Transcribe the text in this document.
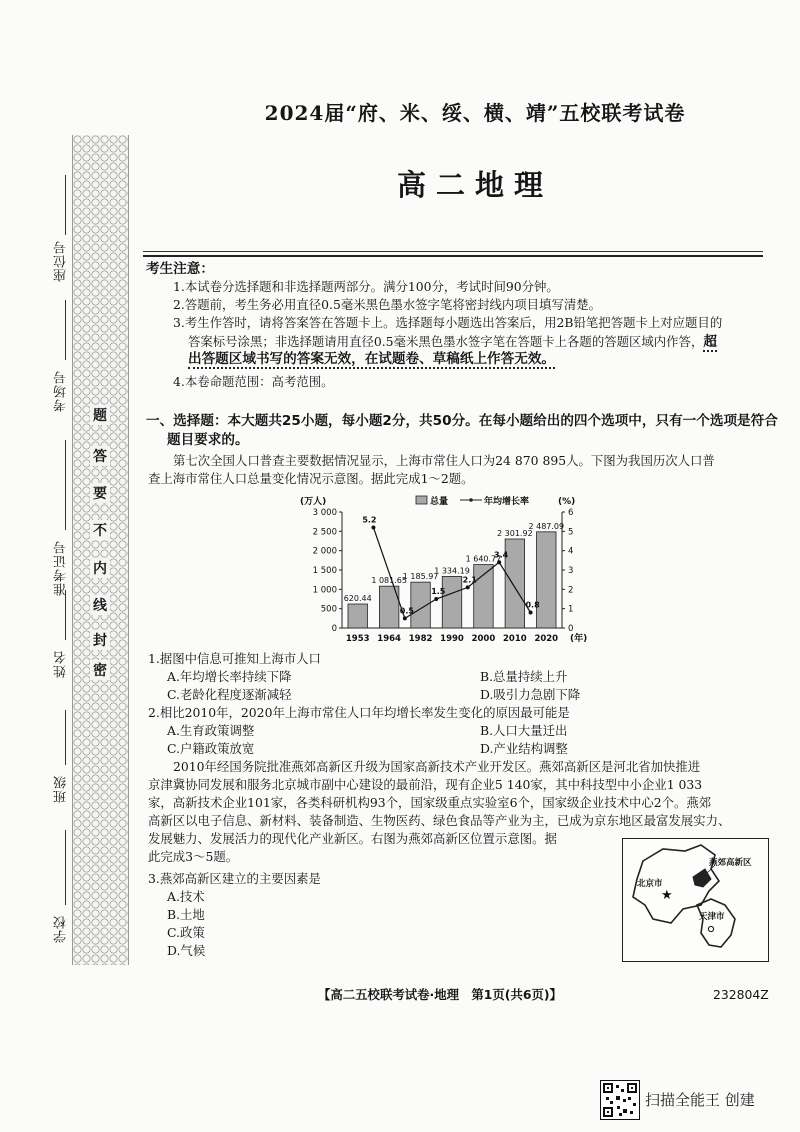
座位号
考场号
准考证号
姓名
班级
学校
密
封
线
内
不
要
答
题
2024届“府、米、绥、横、靖”五校联考试卷
高二地理
考生注意：
1.本试卷分选择题和非选择题两部分。满分100分，考试时间90分钟。
2.答题前，考生务必用直径0.5毫米黑色墨水签字笔将密封线内项目填写清楚。
3.考生作答时，请将答案答在答题卡上。选择题每小题选出答案后，用2B铅笔把答题卡上对应题目的
答案标号涂黑；非选择题请用直径0.5毫米黑色墨水签字笔在答题卡上各题的答题区域内作答，超
出答题区域书写的答案无效，在试题卷、草稿纸上作答无效。
4.本卷命题范围：高考范围。
一、选择题：本大题共25小题，每小题2分，共50分。在每小题给出的四个选项中，只有一个选项是符合
题目要求的。
第七次全国人口普查主要数据情况显示，上海市常住人口为24 870 895人。下图为我国历次人口普
查上海市常住人口总量变化情况示意图。据此完成1～2题。
0
500
1 000
1 500
2 000
2 500
3 000
0
1
2
3
4
5
6
(万人)	(%)
(年)
总量	年均增长率
620.44
1 081.65
1 185.97
1 334.19
1 640.77
2 301.92
2 487.09
1953 1964 1982 1990 2000 2010 2020
5.2
0.5
1.5
2.1
3.4
0.8
1.据图中信息可推知上海市人口
A.年均增长率持续下降	B.总量持续上升
C.老龄化程度逐渐减轻	D.吸引力急剧下降
2.相比2010年，2020年上海市常住人口年均增长率发生变化的原因最可能是
A.生育政策调整	B.人口大量迁出
C.户籍政策放宽	D.产业结构调整
2010年经国务院批准燕郊高新区升级为国家高新技术产业开发区。燕郊高新区是河北省加快推进
京津冀协同发展和服务北京城市副中心建设的最前沿，现有企业5 140家，其中科技型中小企业1 033
家，高新技术企业101家，各类科研机构93个，国家级重点实验室6个，国家级企业技术中心2个。燕郊
高新区以电子信息、新材料、装备制造、生物医药、绿色食品等产业为主，已成为京东地区最富发展实力、
发展魅力、发展活力的现代化产业新区。右图为燕郊高新区位置示意图。据
此完成3～5题。
3.燕郊高新区建立的主要因素是
A.技术
B.土地
C.政策
D.气候
★
北京市
燕郊高新区
天津市
【高二五校联考试卷·地理　第1页(共6页)】	232804Z
扫描全能王 创建
